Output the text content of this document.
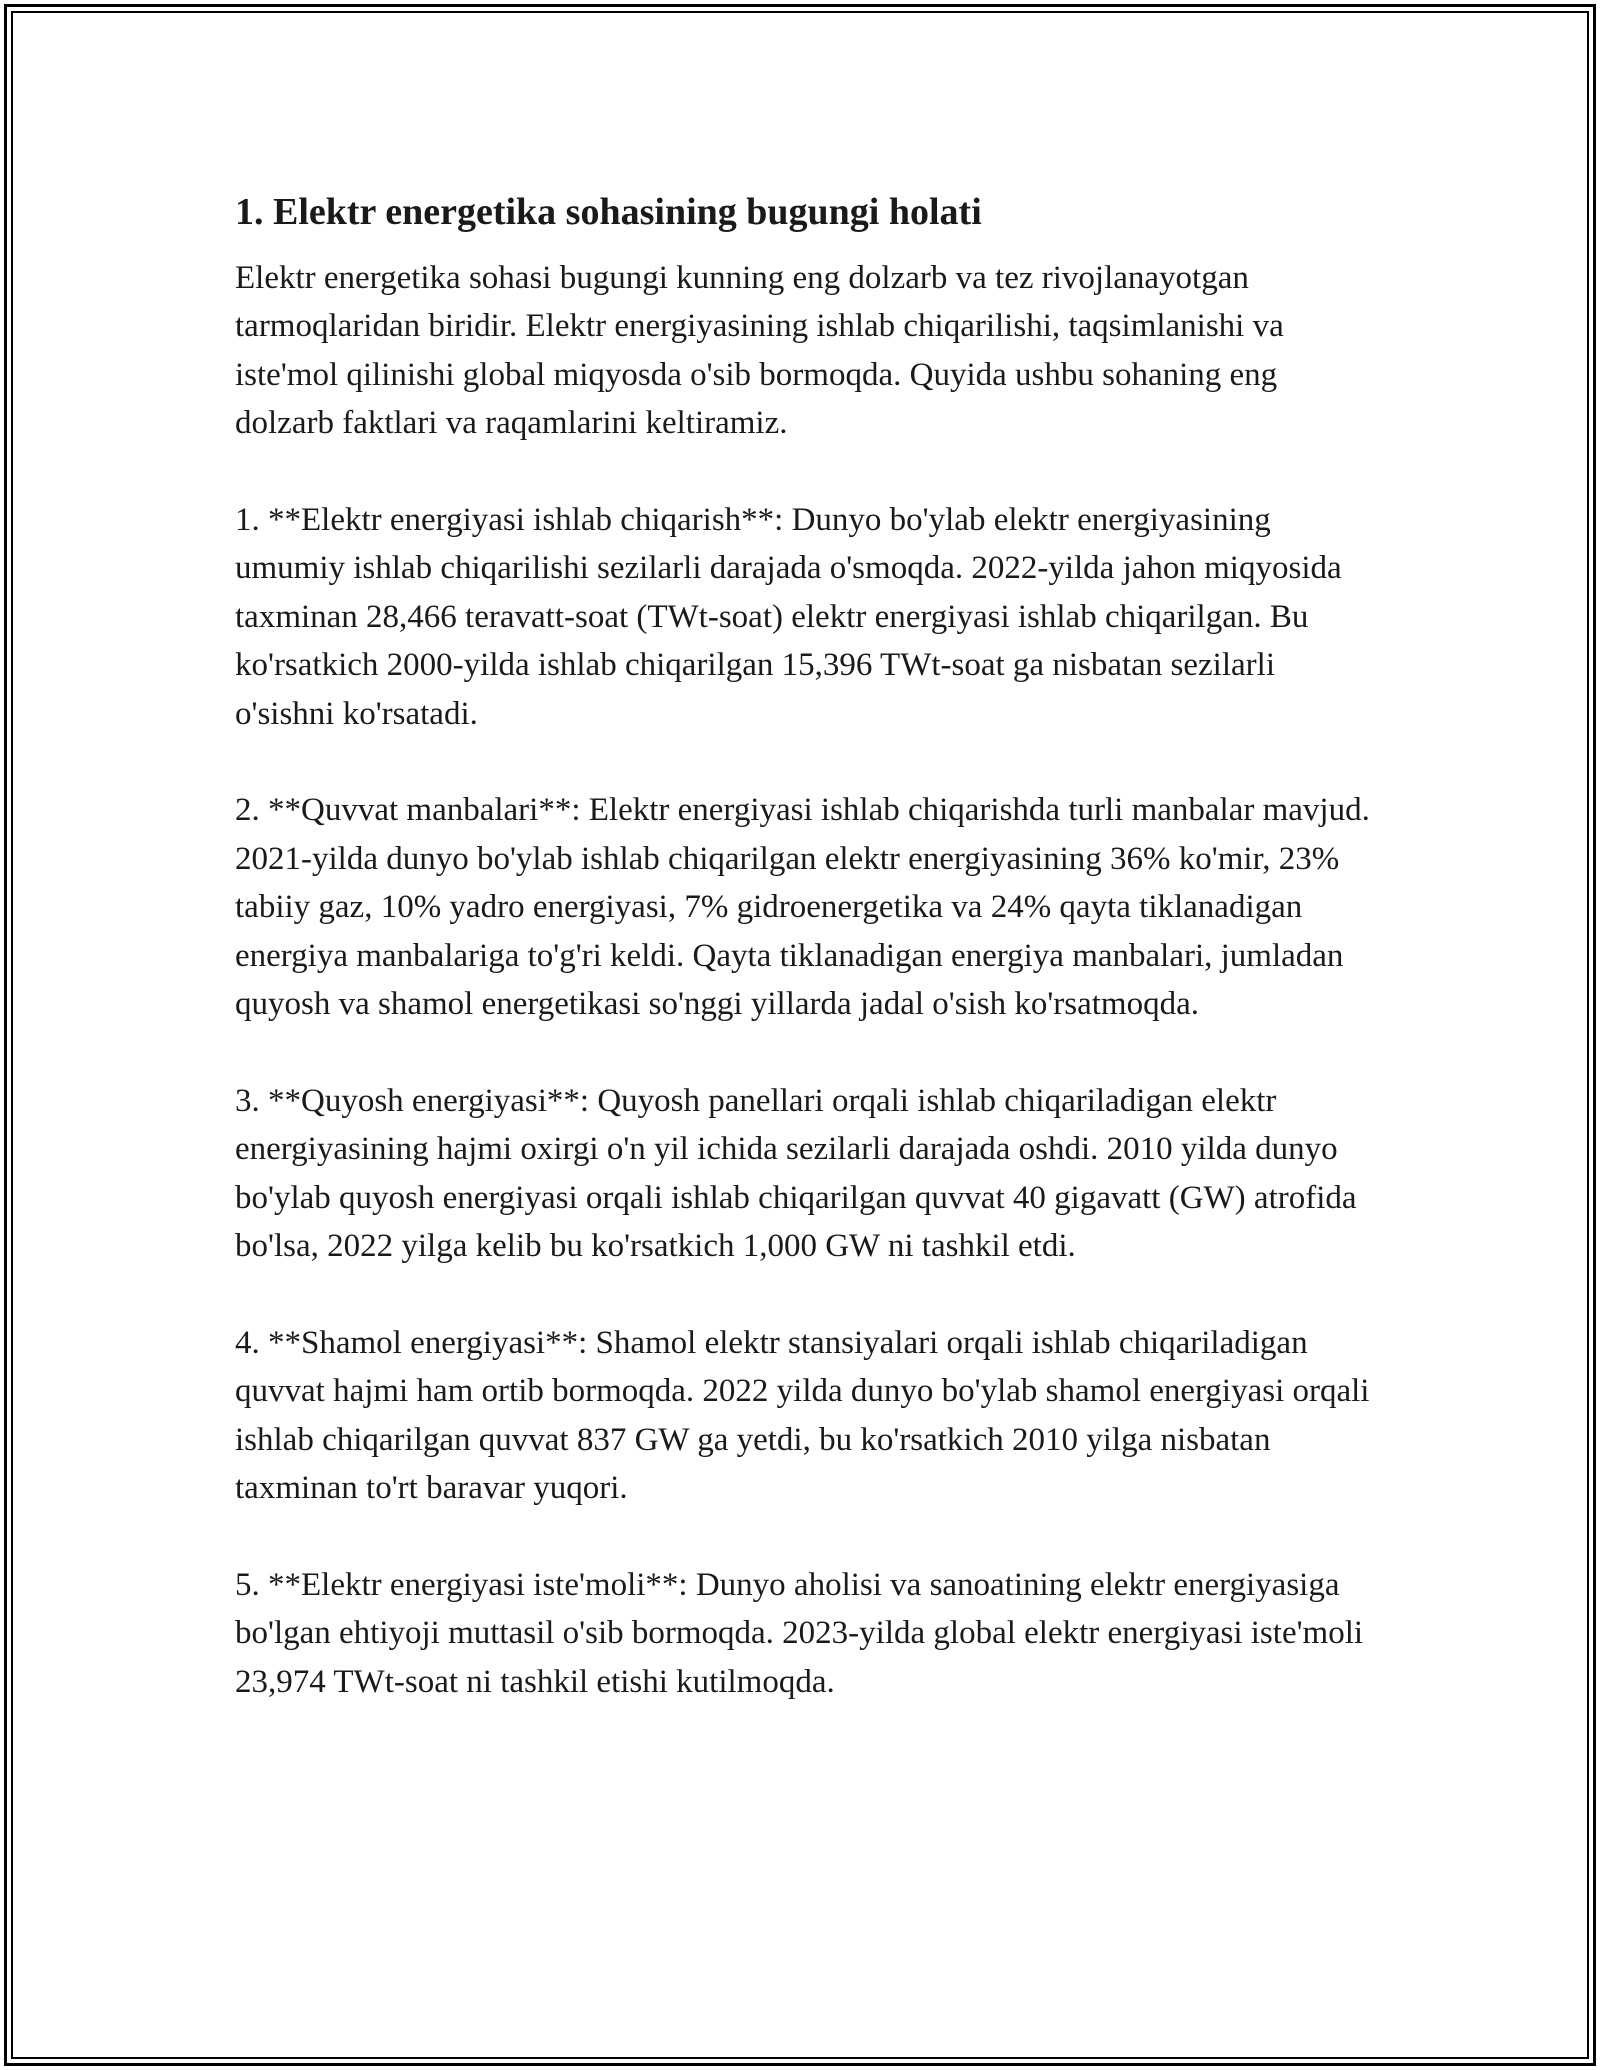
1. Elektr energetika sohasining bugungi holati

Elektr energetika sohasi bugungi kunning eng dolzarb va tez rivojlanayotgan tarmoqlaridan biridir. Elektr energiyasining ishlab chiqarilishi, taqsimlanishi va iste'mol qilinishi global miqyosda o'sib bormoqda. Quyida ushbu sohaning eng dolzarb faktlari va raqamlarini keltiramiz.

1. **Elektr energiyasi ishlab chiqarish**: Dunyo bo'ylab elektr energiyasining umumiy ishlab chiqarilishi sezilarli darajada o'smoqda. 2022-yilda jahon miqyosida taxminan 28,466 teravatt-soat (TWt-soat) elektr energiyasi ishlab chiqarilgan. Bu ko'rsatkich 2000-yilda ishlab chiqarilgan 15,396 TWt-soat ga nisbatan sezilarli o'sishni ko'rsatadi.

2. **Quvvat manbalari**: Elektr energiyasi ishlab chiqarishda turli manbalar mavjud. 2021-yilda dunyo bo'ylab ishlab chiqarilgan elektr energiyasining 36% ko'mir, 23% tabiiy gaz, 10% yadro energiyasi, 7% gidroenergetika va 24% qayta tiklanadigan energiya manbalariga to'g'ri keldi. Qayta tiklanadigan energiya manbalari, jumladan quyosh va shamol energetikasi so'nggi yillarda jadal o'sish ko'rsatmoqda.

3. **Quyosh energiyasi**: Quyosh panellari orqali ishlab chiqariladigan elektr energiyasining hajmi oxirgi o'n yil ichida sezilarli darajada oshdi. 2010 yilda dunyo bo'ylab quyosh energiyasi orqali ishlab chiqarilgan quvvat 40 gigavatt (GW) atrofida bo'lsa, 2022 yilga kelib bu ko'rsatkich 1,000 GW ni tashkil etdi.

4. **Shamol energiyasi**: Shamol elektr stansiyalari orqali ishlab chiqariladigan quvvat hajmi ham ortib bormoqda. 2022 yilda dunyo bo'ylab shamol energiyasi orqali ishlab chiqarilgan quvvat 837 GW ga yetdi, bu ko'rsatkich 2010 yilga nisbatan taxminan to'rt baravar yuqori.

5. **Elektr energiyasi iste'moli**: Dunyo aholisi va sanoatining elektr energiyasiga bo'lgan ehtiyoji muttasil o'sib bormoqda. 2023-yilda global elektr energiyasi iste'moli 23,974 TWt-soat ni tashkil etishi kutilmoqda.
